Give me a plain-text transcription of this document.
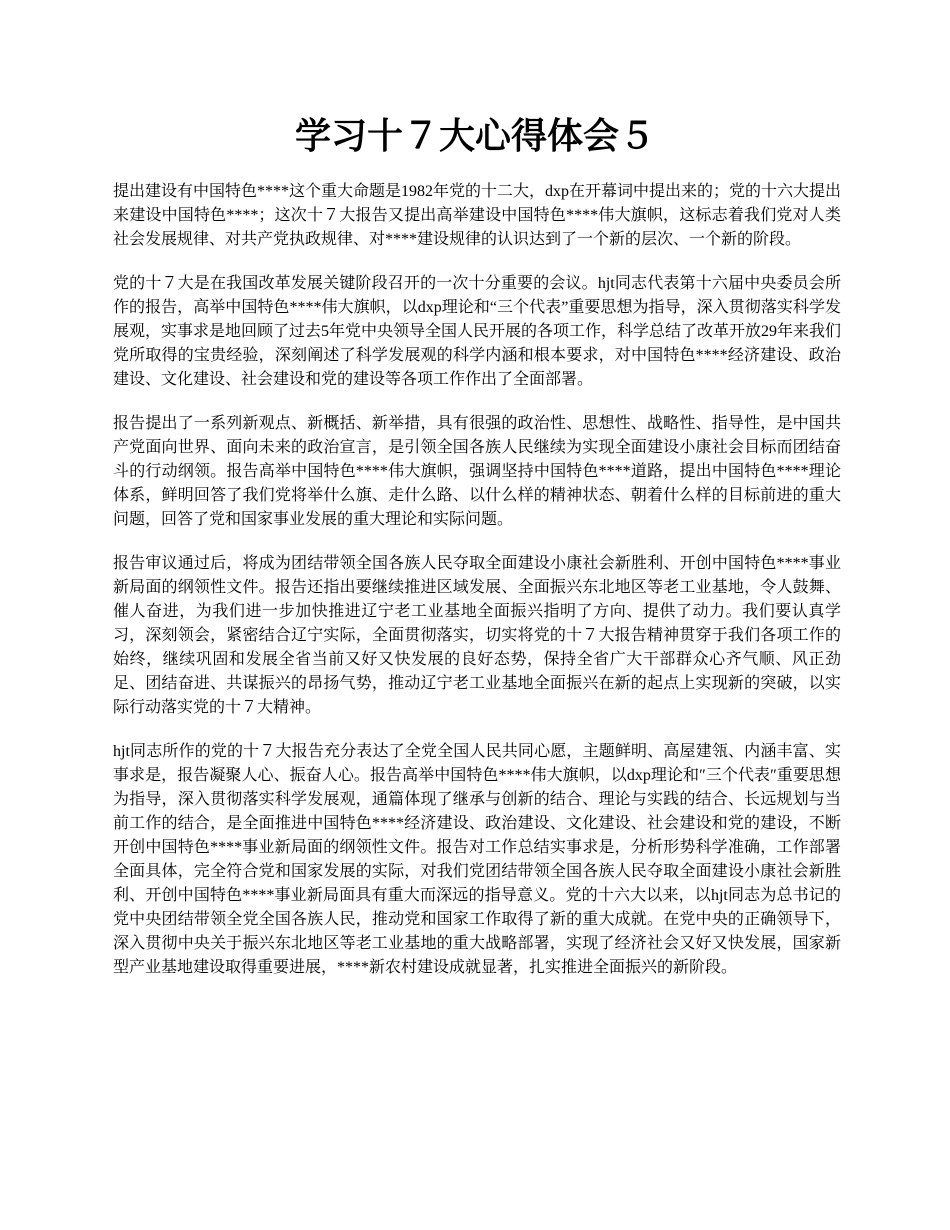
学习十７大心得体会５

提出建设有中国特色****这个重大命题是1982年党的十二大，dxp在开幕词中提出来的；党的十六大提出来建设中国特色****；这次十７大报告又提出高举建设中国特色****伟大旗帜，这标志着我们党对人类社会发展规律、对共产党执政规律、对****建设规律的认识达到了一个新的层次、一个新的阶段。

党的十７大是在我国改革发展关键阶段召开的一次十分重要的会议。hjt同志代表第十六届中央委员会所作的报告，高举中国特色****伟大旗帜，以dxp理论和“三个代表”重要思想为指导，深入贯彻落实科学发展观，实事求是地回顾了过去5年党中央领导全国人民开展的各项工作，科学总结了改革开放29年来我们党所取得的宝贵经验，深刻阐述了科学发展观的科学内涵和根本要求，对中国特色****经济建设、政治建设、文化建设、社会建设和党的建设等各项工作作出了全面部署。

报告提出了一系列新观点、新概括、新举措，具有很强的政治性、思想性、战略性、指导性，是中国共产党面向世界、面向未来的政治宣言，是引领全国各族人民继续为实现全面建设小康社会目标而团结奋斗的行动纲领。报告高举中国特色****伟大旗帜，强调坚持中国特色****道路，提出中国特色****理论体系，鲜明回答了我们党将举什么旗、走什么路、以什么样的精神状态、朝着什么样的目标前进的重大问题，回答了党和国家事业发展的重大理论和实际问题。

报告审议通过后，将成为团结带领全国各族人民夺取全面建设小康社会新胜利、开创中国特色****事业新局面的纲领性文件。报告还指出要继续推进区域发展、全面振兴东北地区等老工业基地，令人鼓舞、催人奋进，为我们进一步加快推进辽宁老工业基地全面振兴指明了方向、提供了动力。我们要认真学习，深刻领会，紧密结合辽宁实际，全面贯彻落实，切实将党的十７大报告精神贯穿于我们各项工作的始终，继续巩固和发展全省当前又好又快发展的良好态势，保持全省广大干部群众心齐气顺、风正劲足、团结奋进、共谋振兴的昂扬气势，推动辽宁老工业基地全面振兴在新的起点上实现新的突破，以实际行动落实党的十７大精神。

hjt同志所作的党的十７大报告充分表达了全党全国人民共同心愿，主题鲜明、高屋建瓴、内涵丰富、实事求是，报告凝聚人心、振奋人心。报告高举中国特色****伟大旗帜，以dxp理论和″三个代表″重要思想为指导，深入贯彻落实科学发展观，通篇体现了继承与创新的结合、理论与实践的结合、长远规划与当前工作的结合，是全面推进中国特色****经济建设、政治建设、文化建设、社会建设和党的建设，不断开创中国特色****事业新局面的纲领性文件。报告对工作总结实事求是，分析形势科学准确，工作部署全面具体，完全符合党和国家发展的实际，对我们党团结带领全国各族人民夺取全面建设小康社会新胜利、开创中国特色****事业新局面具有重大而深远的指导意义。党的十六大以来，以hjt同志为总书记的党中央团结带领全党全国各族人民，推动党和国家工作取得了新的重大成就。在党中央的正确领导下，深入贯彻中央关于振兴东北地区等老工业基地的重大战略部署，实现了经济社会又好又快发展，国家新型产业基地建设取得重要进展，****新农村建设成就显著，扎实推进全面振兴的新阶段。
